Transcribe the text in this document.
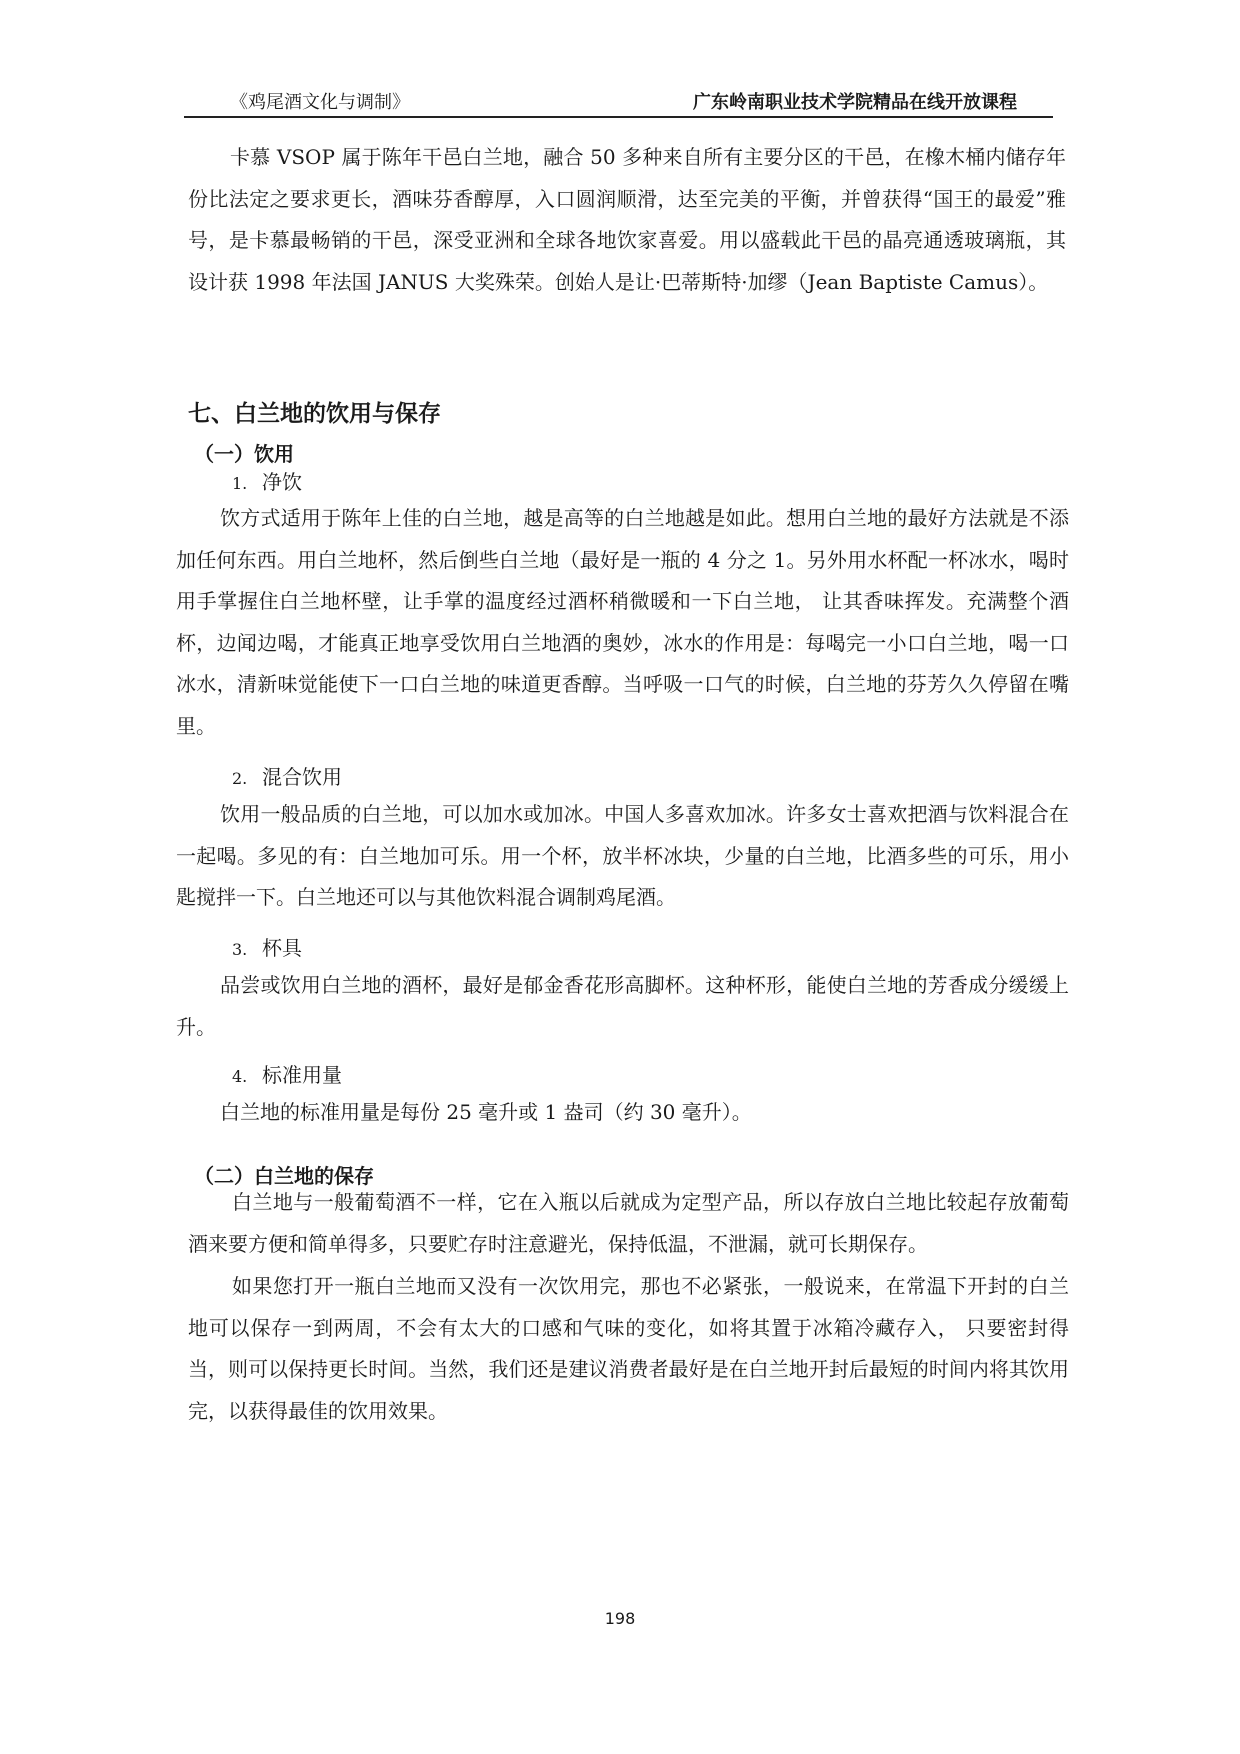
《鸡尾酒文化与调制》	广东岭南职业技术学院精品在线开放课程

卡慕 VSOP 属于陈年干邑白兰地，融合 50 多种来自所有主要分区的干邑，在橡木桶内储存年份比法定之要求更长，酒味芬香醇厚，入口圆润顺滑，达至完美的平衡，并曾获得“国王的最爱”雅号，是卡慕最畅销的干邑，深受亚洲和全球各地饮家喜爱。用以盛载此干邑的晶亮通透玻璃瓶，其设计获 1998 年法国 JANUS 大奖殊荣。创始人是让·巴蒂斯特·加缪（Jean Baptiste Camus）。

七、白兰地的饮用与保存
（一）饮用
1. 净饮

饮方式适用于陈年上佳的白兰地，越是高等的白兰地越是如此。想用白兰地的最好方法就是不添加任何东西。用白兰地杯，然后倒些白兰地（最好是一瓶的 4 分之 1。另外用水杯配一杯冰水，喝时用手掌握住白兰地杯壁，让手掌的温度经过酒杯稍微暖和一下白兰地， 让其香味挥发。充满整个酒杯，边闻边喝，才能真正地享受饮用白兰地酒的奥妙，冰水的作用是：每喝完一小口白兰地，喝一口冰水，清新味觉能使下一口白兰地的味道更香醇。当呼吸一口气的时候，白兰地的芬芳久久停留在嘴里。

2. 混合饮用

饮用一般品质的白兰地，可以加水或加冰。中国人多喜欢加冰。许多女士喜欢把酒与饮料混合在一起喝。多见的有：白兰地加可乐。用一个杯，放半杯冰块，少量的白兰地，比酒多些的可乐，用小匙搅拌一下。白兰地还可以与其他饮料混合调制鸡尾酒。

3. 杯具

品尝或饮用白兰地的酒杯，最好是郁金香花形高脚杯。这种杯形，能使白兰地的芳香成分缓缓上升。

4. 标准用量

白兰地的标准用量是每份 25 毫升或 1 盎司（约 30 毫升）。

（二）白兰地的保存

白兰地与一般葡萄酒不一样，它在入瓶以后就成为定型产品，所以存放白兰地比较起存放葡萄酒来要方便和简单得多，只要贮存时注意避光，保持低温，不泄漏，就可长期保存。

如果您打开一瓶白兰地而又没有一次饮用完，那也不必紧张，一般说来，在常温下开封的白兰地可以保存一到两周，不会有太大的口感和气味的变化，如将其置于冰箱冷藏存入， 只要密封得当，则可以保持更长时间。当然，我们还是建议消费者最好是在白兰地开封后最短的时间内将其饮用完，以获得最佳的饮用效果。

198
